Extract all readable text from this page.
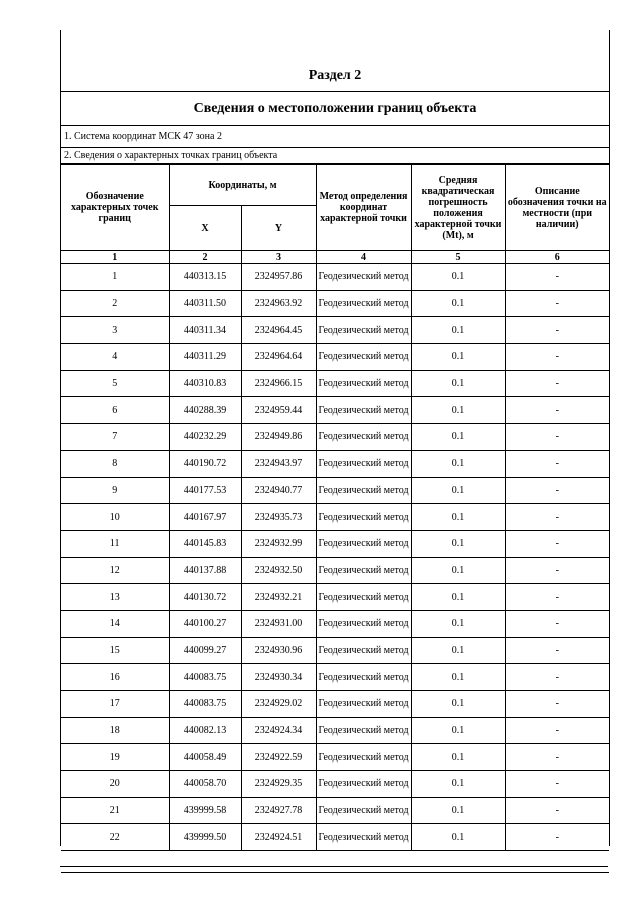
Раздел 2
Сведения о местоположении границ объекта
1. Система координат МСК 47 зона 2
2. Сведения о характерных точках границ объекта
Обозначение характерных точек границ	Координаты, м		Метод определения координат характерной точки	Средняя квадратическая погрешность положения характерной точки (Mt), м	Описание обозначения точки на местности (при наличии)
	X	Y			
1	2	3	4	5	6
1	440313.15	2324957.86	Геодезический метод	0.1	-
2	440311.50	2324963.92	Геодезический метод	0.1	-
3	440311.34	2324964.45	Геодезический метод	0.1	-
4	440311.29	2324964.64	Геодезический метод	0.1	-
5	440310.83	2324966.15	Геодезический метод	0.1	-
6	440288.39	2324959.44	Геодезический метод	0.1	-
7	440232.29	2324949.86	Геодезический метод	0.1	-
8	440190.72	2324943.97	Геодезический метод	0.1	-
9	440177.53	2324940.77	Геодезический метод	0.1	-
10	440167.97	2324935.73	Геодезический метод	0.1	-
11	440145.83	2324932.99	Геодезический метод	0.1	-
12	440137.88	2324932.50	Геодезический метод	0.1	-
13	440130.72	2324932.21	Геодезический метод	0.1	-
14	440100.27	2324931.00	Геодезический метод	0.1	-
15	440099.27	2324930.96	Геодезический метод	0.1	-
16	440083.75	2324930.34	Геодезический метод	0.1	-
17	440083.75	2324929.02	Геодезический метод	0.1	-
18	440082.13	2324924.34	Геодезический метод	0.1	-
19	440058.49	2324922.59	Геодезический метод	0.1	-
20	440058.70	2324929.35	Геодезический метод	0.1	-
21	439999.58	2324927.78	Геодезический метод	0.1	-
22	439999.50	2324924.51	Геодезический метод	0.1	-
